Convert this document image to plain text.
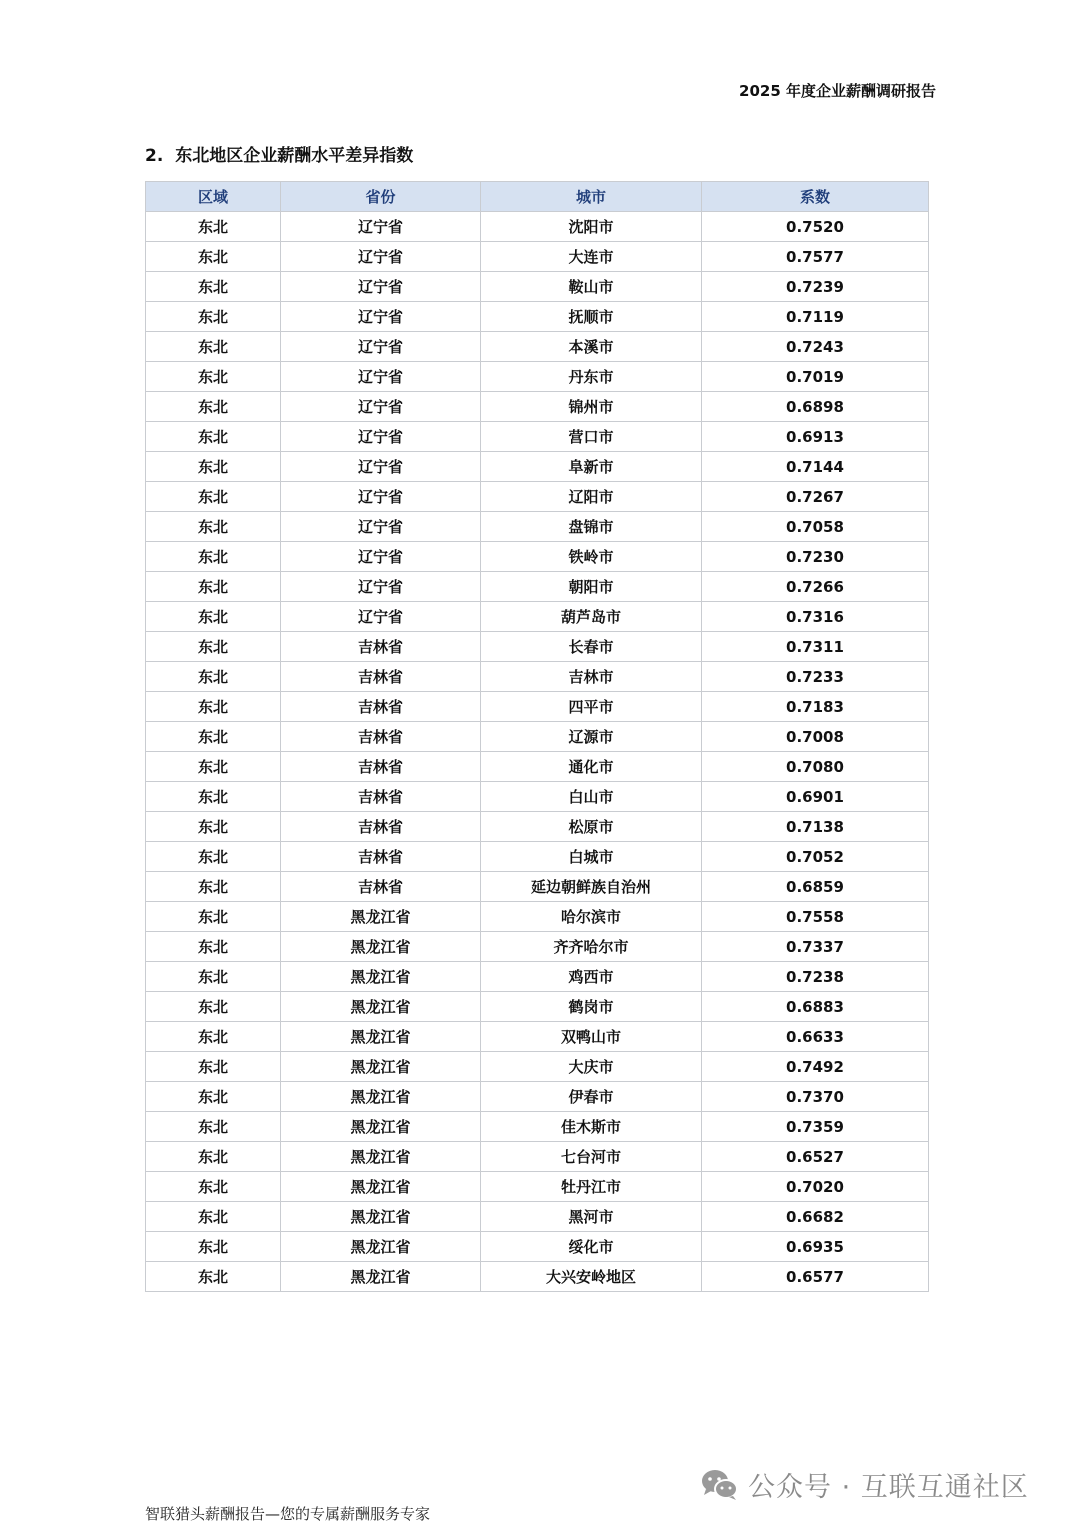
2025 年度企业薪酬调研报告
2. 东北地区企业薪酬水平差异指数
区域	省份	城市	系数
东北	辽宁省	沈阳市	0.7520
东北	辽宁省	大连市	0.7577
东北	辽宁省	鞍山市	0.7239
东北	辽宁省	抚顺市	0.7119
东北	辽宁省	本溪市	0.7243
东北	辽宁省	丹东市	0.7019
东北	辽宁省	锦州市	0.6898
东北	辽宁省	营口市	0.6913
东北	辽宁省	阜新市	0.7144
东北	辽宁省	辽阳市	0.7267
东北	辽宁省	盘锦市	0.7058
东北	辽宁省	铁岭市	0.7230
东北	辽宁省	朝阳市	0.7266
东北	辽宁省	葫芦岛市	0.7316
东北	吉林省	长春市	0.7311
东北	吉林省	吉林市	0.7233
东北	吉林省	四平市	0.7183
东北	吉林省	辽源市	0.7008
东北	吉林省	通化市	0.7080
东北	吉林省	白山市	0.6901
东北	吉林省	松原市	0.7138
东北	吉林省	白城市	0.7052
东北	吉林省	延边朝鲜族自治州	0.6859
东北	黑龙江省	哈尔滨市	0.7558
东北	黑龙江省	齐齐哈尔市	0.7337
东北	黑龙江省	鸡西市	0.7238
东北	黑龙江省	鹤岗市	0.6883
东北	黑龙江省	双鸭山市	0.6633
东北	黑龙江省	大庆市	0.7492
东北	黑龙江省	伊春市	0.7370
东北	黑龙江省	佳木斯市	0.7359
东北	黑龙江省	七台河市	0.6527
东北	黑龙江省	牡丹江市	0.7020
东北	黑龙江省	黑河市	0.6682
东北	黑龙江省	绥化市	0.6935
东北	黑龙江省	大兴安岭地区	0.6577
公众号 · 互联互通社区
智联猎头薪酬报告—您的专属薪酬服务专家
